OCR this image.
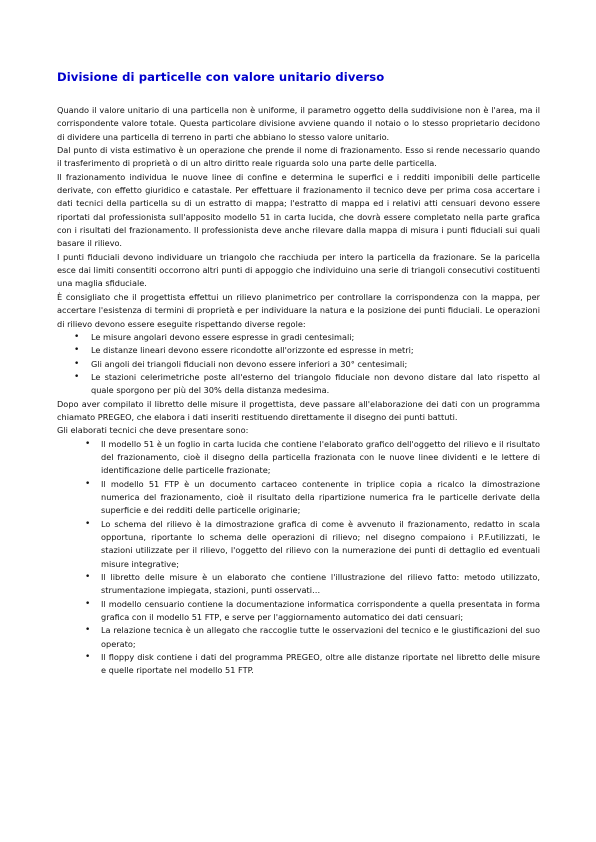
Divisione di particelle con valore unitario diverso

Quando il valore unitario di una particella non è uniforme, il parametro oggetto della suddivisione non è l'area, ma il corrispondente valore totale. Questa particolare divisione avviene quando il notaio o lo stesso proprietario decidono di dividere una particella di terreno in parti che abbiano lo stesso valore unitario.

Dal punto di vista estimativo è un operazione che prende il nome di frazionamento. Esso si rende necessario quando il trasferimento di proprietà o di un altro diritto reale riguarda solo una parte delle particella.

Il frazionamento individua le nuove linee di confine e determina le superfici e i redditi imponibili delle particelle derivate, con effetto giuridico e catastale. Per effettuare il frazionamento il tecnico deve per prima cosa accertare i dati tecnici della particella su di un estratto di mappa; l'estratto di mappa ed i relativi atti censuari devono essere riportati dal professionista sull'apposito modello 51 in carta lucida, che dovrà essere completato nella parte grafica con i risultati del frazionamento. Il professionista deve anche rilevare dalla mappa di misura i punti fiduciali sui quali basare il rilievo.

I punti fiduciali devono individuare un triangolo che racchiuda per intero la particella da frazionare. Se la paricella esce dai limiti consentiti occorrono altri punti di appoggio che individuino una serie di triangoli consecutivi costituenti una maglia sfiduciale.

È consigliato che il progettista effettui un rilievo planimetrico per controllare la corrispondenza con la mappa, per accertare l'esistenza di termini di proprietà e per individuare la natura e la posizione dei punti fiduciali. Le operazioni di rilievo devono essere eseguite rispettando diverse regole:

• Le misure angolari devono essere espresse in gradi centesimali;
• Le distanze lineari devono essere ricondotte all'orizzonte ed espresse in metri;
• Gli angoli dei triangoli fiduciali non devono essere inferiori a 30° centesimali;
• Le stazioni celerimetriche poste all'esterno del triangolo fiduciale non devono distare dal lato rispetto al quale sporgono per più del 30% della distanza medesima.

Dopo aver compilato il libretto delle misure il progettista, deve passare all'elaborazione dei dati con un programma chiamato PREGEO, che elabora i dati inseriti restituendo direttamente il disegno dei punti battuti.

Gli elaborati tecnici che deve presentare sono:

• Il modello 51 è un foglio in carta lucida che contiene l'elaborato grafico dell'oggetto del rilievo e il risultato del frazionamento, cioè il disegno della particella frazionata con le nuove linee dividenti e le lettere di identificazione delle particelle frazionate;
• Il modello 51 FTP è un documento cartaceo contenente in triplice copia a ricalco la dimostrazione numerica del frazionamento, cioè il risultato della ripartizione numerica fra le particelle derivate della superficie e dei redditi delle particelle originarie;
• Lo schema del rilievo è la dimostrazione grafica di come è avvenuto il frazionamento, redatto in scala opportuna, riportante lo schema delle operazioni di rilievo; nel disegno compaiono i P.F.utilizzati, le stazioni utilizzate per il rilievo, l'oggetto del rilievo con la numerazione dei punti di dettaglio ed eventuali misure integrative;
• Il libretto delle misure è un elaborato che contiene l'illustrazione del rilievo fatto: metodo utilizzato, strumentazione impiegata, stazioni, punti osservati…
• Il modello censuario contiene la documentazione informatica corrispondente a quella presentata in forma grafica con il modello 51 FTP, e serve per l'aggiornamento automatico dei dati censuari;
• La relazione tecnica è un allegato che raccoglie tutte le osservazioni del tecnico e le giustificazioni del suo operato;
• Il floppy disk contiene i dati del programma PREGEO, oltre alle distanze riportate nel libretto delle misure e quelle riportate nel modello 51 FTP.
